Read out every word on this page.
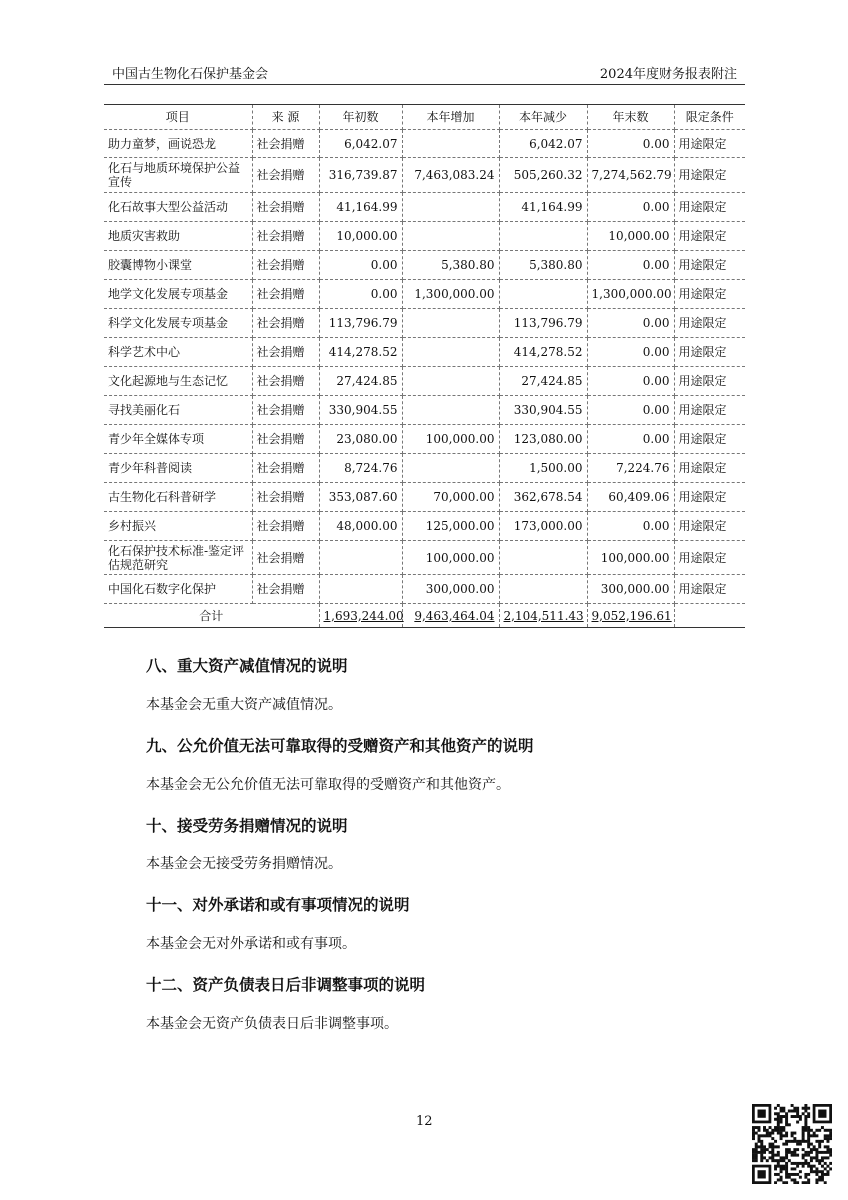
中国古生物化石保护基金会	2024年度财务报表附注
项目	来 源	年初数	本年增加	本年减少	年末数	限定条件
助力童梦，画说恐龙	社会捐赠	6,042.07		6,042.07	0.00	用途限定
化石与地质环境保护公益宣传	社会捐赠	316,739.87	7,463,083.24	505,260.32	7,274,562.79	用途限定
化石故事大型公益活动	社会捐赠	41,164.99		41,164.99	0.00	用途限定
地质灾害救助	社会捐赠	10,000.00			10,000.00	用途限定
胶囊博物小课堂	社会捐赠	0.00	5,380.80	5,380.80	0.00	用途限定
地学文化发展专项基金	社会捐赠	0.00	1,300,000.00		1,300,000.00	用途限定
科学文化发展专项基金	社会捐赠	113,796.79		113,796.79	0.00	用途限定
科学艺术中心	社会捐赠	414,278.52		414,278.52	0.00	用途限定
文化起源地与生态记忆	社会捐赠	27,424.85		27,424.85	0.00	用途限定
寻找美丽化石	社会捐赠	330,904.55		330,904.55	0.00	用途限定
青少年全媒体专项	社会捐赠	23,080.00	100,000.00	123,080.00	0.00	用途限定
青少年科普阅读	社会捐赠	8,724.76		1,500.00	7,224.76	用途限定
古生物化石科普研学	社会捐赠	353,087.60	70,000.00	362,678.54	60,409.06	用途限定
乡村振兴	社会捐赠	48,000.00	125,000.00	173,000.00	0.00	用途限定
化石保护技术标准-鉴定评估规范研究	社会捐赠		100,000.00		100,000.00	用途限定
中国化石数字化保护	社会捐赠		300,000.00		300,000.00	用途限定
合计		1,693,244.00	9,463,464.04	2,104,511.43	9,052,196.61	
八、重大资产减值情况的说明
本基金会无重大资产减值情况。
九、公允价值无法可靠取得的受赠资产和其他资产的说明
本基金会无公允价值无法可靠取得的受赠资产和其他资产。
十、接受劳务捐赠情况的说明
本基金会无接受劳务捐赠情况。
十一、对外承诺和或有事项情况的说明
本基金会无对外承诺和或有事项。
十二、资产负债表日后非调整事项的说明
本基金会无资产负债表日后非调整事项。
12
